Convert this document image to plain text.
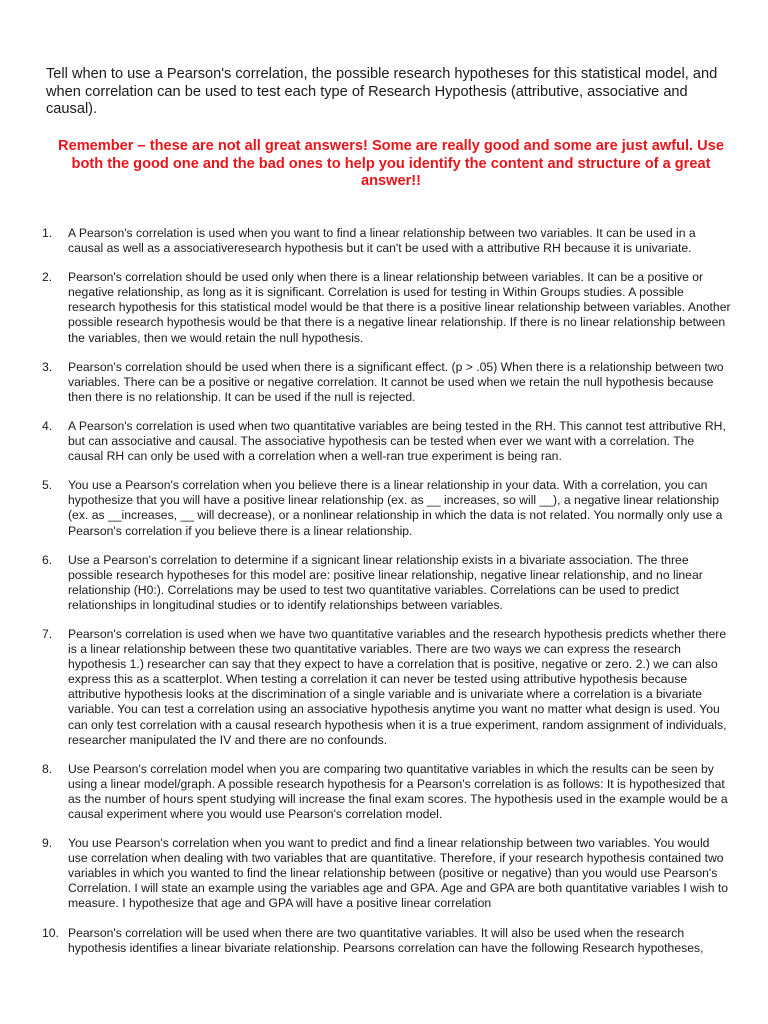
Tell when to use a Pearson's correlation, the possible research hypotheses for this statistical model, and when correlation can be used to test each type of Research Hypothesis (attributive, associative and causal).

Remember – these are not all great answers! Some are really good and some are just awful. Use both the good one and the bad ones to help you identify the content and structure of a great answer!!

1. A Pearson's correlation is used when you want to find a linear relationship between two variables. It can be used in a causal as well as a associativeresearch hypothesis but it can't be used with a attributive RH because it is univariate.
2. Pearson's correlation should be used only when there is a linear relationship between variables. It can be a positive or negative relationship, as long as it is significant. Correlation is used for testing in Within Groups studies. A possible research hypothesis for this statistical model would be that there is a positive linear relationship between variables. Another possible research hypothesis would be that there is a negative linear relationship. If there is no linear relationship between the variables, then we would retain the null hypothesis.
3. Pearson's correlation should be used when there is a significant effect. (p > .05) When there is a relationship between two variables. There can be a positive or negative correlation. It cannot be used when we retain the null hypothesis because then there is no relationship. It can be used if the null is rejected.
4. A Pearson's correlation is used when two quantitative variables are being tested in the RH. This cannot test attributive RH, but can associative and causal. The associative hypothesis can be tested when ever we want with a correlation. The causal RH can only be used with a correlation when a well-ran true experiment is being ran.
5. You use a Pearson's correlation when you believe there is a linear relationship in your data. With a correlation, you can hypothesize that you will have a positive linear relationship (ex. as __ increases, so will __), a negative linear relationship (ex. as __increases, __ will decrease), or a nonlinear relationship in which the data is not related. You normally only use a Pearson's correlation if you believe there is a linear relationship.
6. Use a Pearson's correlation to determine if a signicant linear relationship exists in a bivariate association. The three possible research hypotheses for this model are: positive linear relationship, negative linear relationship, and no linear relationship (H0:). Correlations may be used to test two quantitative variables. Correlations can be used to predict relationships in longitudinal studies or to identify relationships between variables.
7. Pearson's correlation is used when we have two quantitative variables and the research hypothesis predicts whether there is a linear relationship between these two quantitative variables. There are two ways we can express the research hypothesis 1.) researcher can say that they expect to have a correlation that is positive, negative or zero. 2.) we can also express this as a scatterplot. When testing a correlation it can never be tested using attributive hypothesis because attributive hypothesis looks at the discrimination of a single variable and is univariate where a correlation is a bivariate variable. You can test a correlation using an associative hypothesis anytime you want no matter what design is used. You can only test correlation with a causal research hypothesis when it is a true experiment, random assignment of individuals, researcher manipulated the IV and there are no confounds.
8. Use Pearson's correlation model when you are comparing two quantitative variables in which the results can be seen by using a linear model/graph. A possible research hypothesis for a Pearson's correlation is as follows: It is hypothesized that as the number of hours spent studying will increase the final exam scores. The hypothesis used in the example would be a causal experiment where you would use Pearson's correlation model.
9. You use Pearson's correlation when you want to predict and find a linear relationship between two variables. You would use correlation when dealing with two variables that are quantitative. Therefore, if your research hypothesis contained two variables in which you wanted to find the linear relationship between (positive or negative) than you would use Pearson's Correlation. I will state an example using the variables age and GPA. Age and GPA are both quantitative variables I wish to measure. I hypothesize that age and GPA will have a positive linear correlation
10. Pearson's correlation will be used when there are two quantitative variables. It will also be used when the research hypothesis identifies a linear bivariate relationship. Pearsons correlation can have the following Research hypotheses,
